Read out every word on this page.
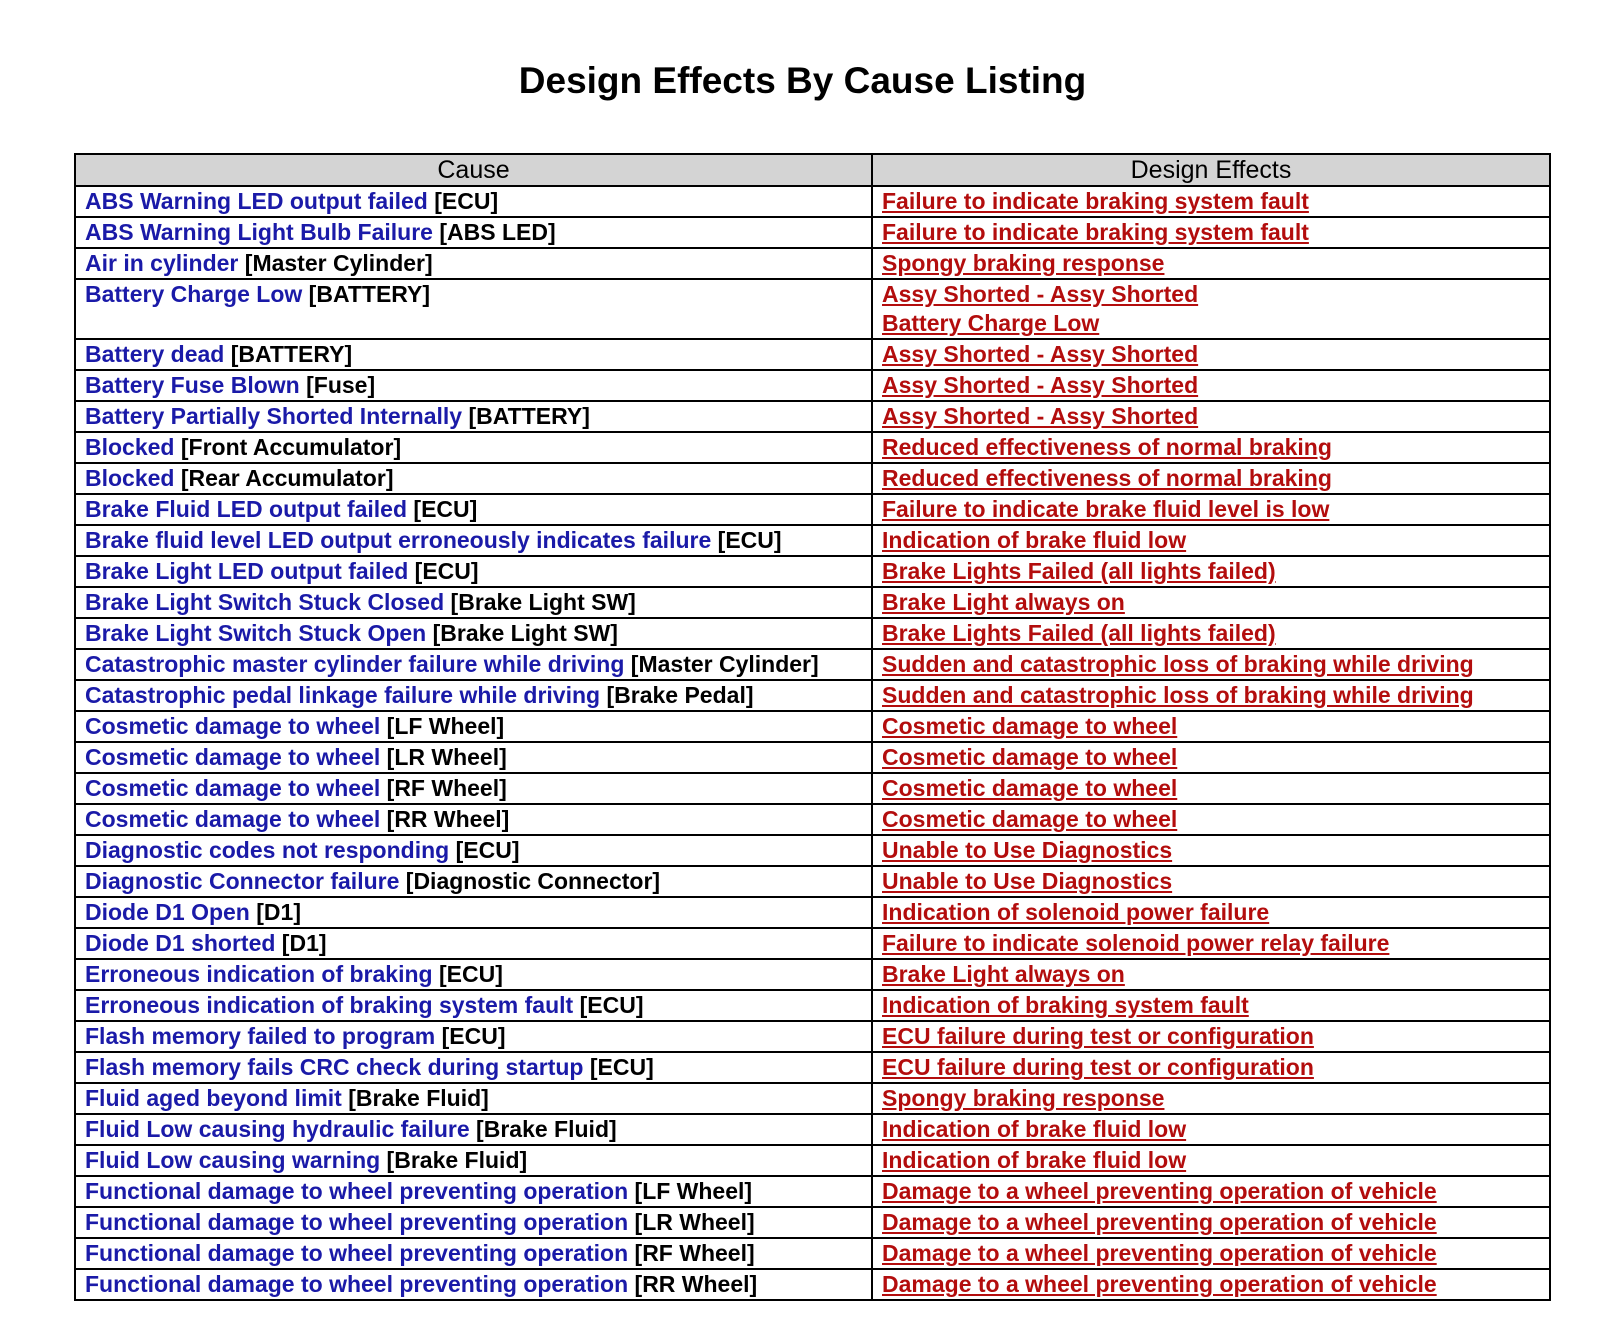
Design Effects By Cause Listing
Cause	Design Effects
ABS Warning LED output failed [ECU]	Failure to indicate braking system fault

ABS Warning Light Bulb Failure [ABS LED]	Failure to indicate braking system fault

Air in cylinder [Master Cylinder]	Spongy braking response

Battery Charge Low [BATTERY]	Assy Shorted - Assy Shorted
Battery Charge Low

Battery dead [BATTERY]	Assy Shorted - Assy Shorted

Battery Fuse Blown [Fuse]	Assy Shorted - Assy Shorted

Battery Partially Shorted Internally [BATTERY]	Assy Shorted - Assy Shorted

Blocked [Front Accumulator]	Reduced effectiveness of normal braking

Blocked [Rear Accumulator]	Reduced effectiveness of normal braking

Brake Fluid LED output failed [ECU]	Failure to indicate brake fluid level is low

Brake fluid level LED output erroneously indicates failure [ECU]	Indication of brake fluid low

Brake Light LED output failed [ECU]	Brake Lights Failed (all lights failed)

Brake Light Switch Stuck Closed [Brake Light SW]	Brake Light always on

Brake Light Switch Stuck Open [Brake Light SW]	Brake Lights Failed (all lights failed)

Catastrophic master cylinder failure while driving [Master Cylinder]	Sudden and catastrophic loss of braking while driving

Catastrophic pedal linkage failure while driving [Brake Pedal]	Sudden and catastrophic loss of braking while driving

Cosmetic damage to wheel [LF Wheel]	Cosmetic damage to wheel

Cosmetic damage to wheel [LR Wheel]	Cosmetic damage to wheel

Cosmetic damage to wheel [RF Wheel]	Cosmetic damage to wheel

Cosmetic damage to wheel [RR Wheel]	Cosmetic damage to wheel

Diagnostic codes not responding [ECU]	Unable to Use Diagnostics

Diagnostic Connector failure [Diagnostic Connector]	Unable to Use Diagnostics

Diode D1 Open [D1]	Indication of solenoid power failure

Diode D1 shorted [D1]	Failure to indicate solenoid power relay failure

Erroneous indication of braking [ECU]	Brake Light always on

Erroneous indication of braking system fault [ECU]	Indication of braking system fault

Flash memory failed to program [ECU]	ECU failure during test or configuration

Flash memory fails CRC check during startup [ECU]	ECU failure during test or configuration

Fluid aged beyond limit [Brake Fluid]	Spongy braking response

Fluid Low causing hydraulic failure [Brake Fluid]	Indication of brake fluid low

Fluid Low causing warning [Brake Fluid]	Indication of brake fluid low

Functional damage to wheel preventing operation [LF Wheel]	Damage to a wheel preventing operation of vehicle

Functional damage to wheel preventing operation [LR Wheel]	Damage to a wheel preventing operation of vehicle

Functional damage to wheel preventing operation [RF Wheel]	Damage to a wheel preventing operation of vehicle

Functional damage to wheel preventing operation [RR Wheel]	Damage to a wheel preventing operation of vehicle
